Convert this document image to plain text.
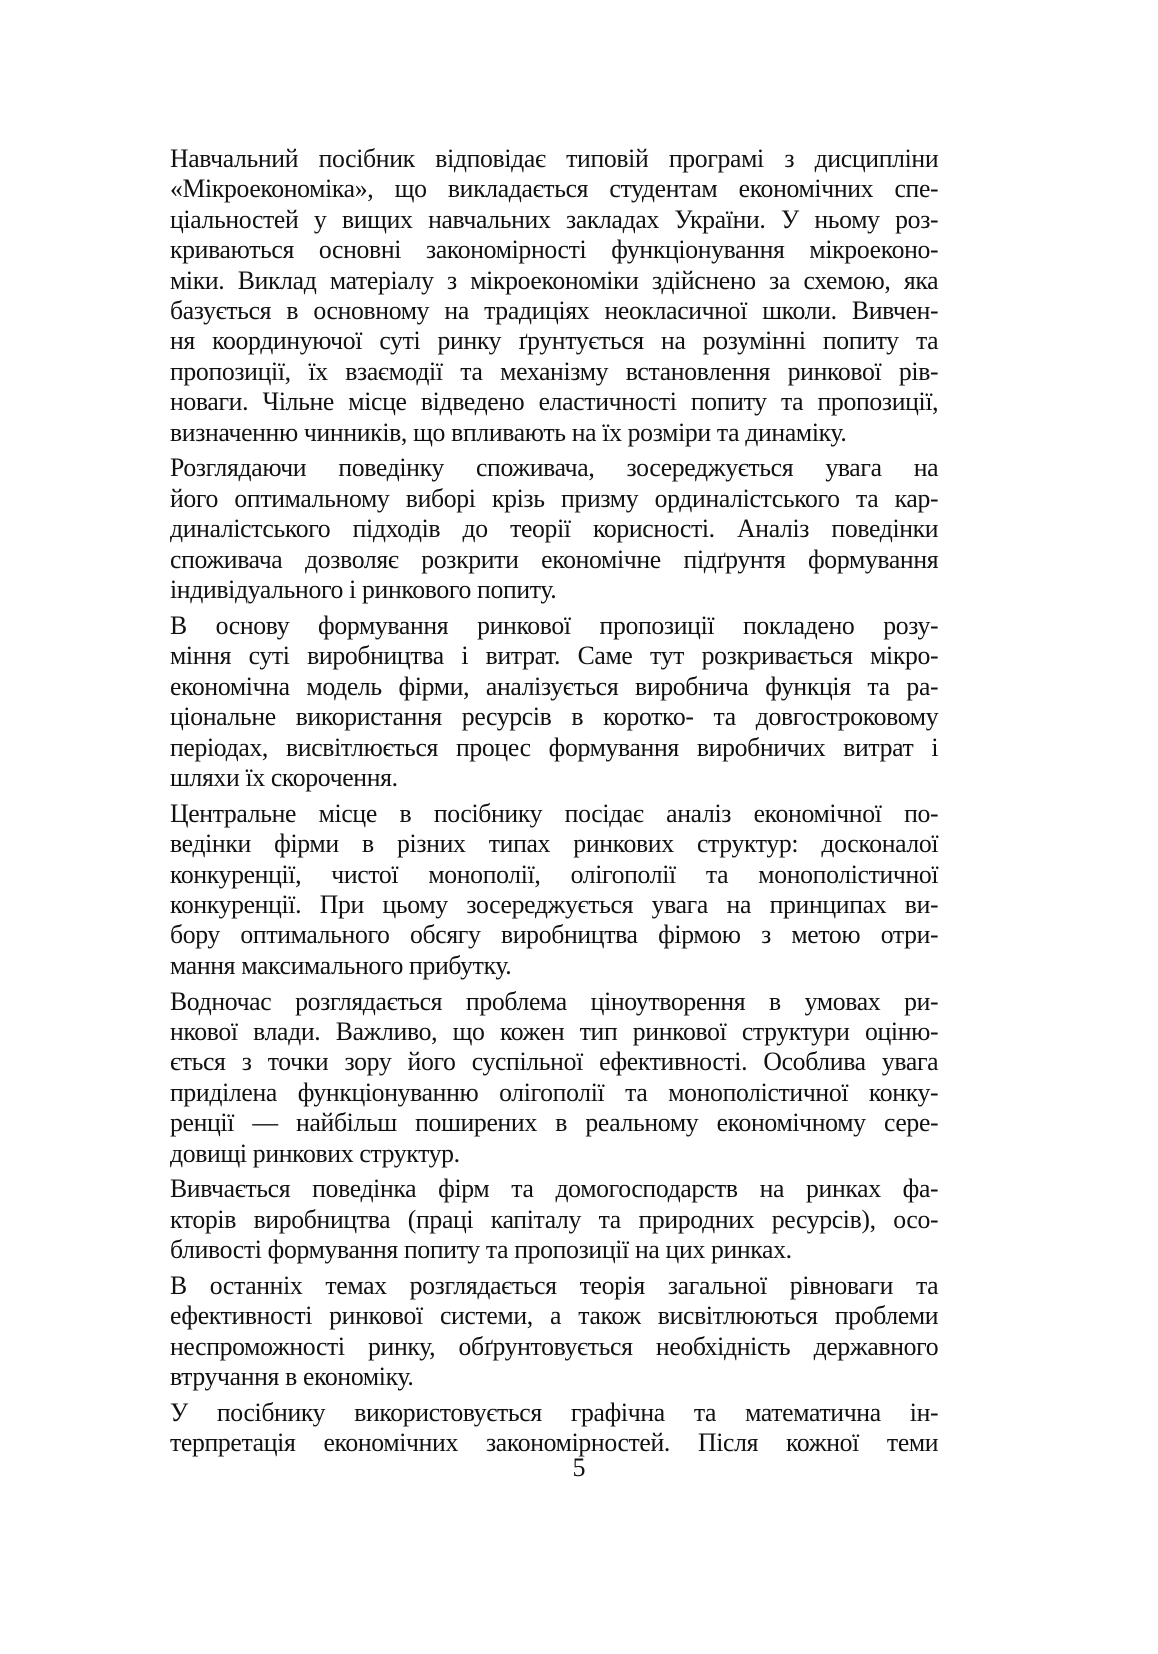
Навчальний посібник відповідає типовій програмі з дисципліни
«Мікроекономіка», що викладається студентам економічних спе-
ціальностей у вищих навчальних закладах України. У ньому роз-
криваються основні закономірності функціонування мікроеконо-
міки. Виклад матеріалу з мікроекономіки здійснено за схемою, яка
базується в основному на традиціях неокласичної школи. Вивчен-
ня координуючої суті ринку ґрунтується на розумінні попиту та
пропозиції, їх взаємодії та механізму встановлення ринкової рів-
новаги. Чільне місце відведено еластичності попиту та пропозиції,
визначенню чинників, що впливають на їх розміри та динаміку.
Розглядаючи поведінку споживача, зосереджується увага на
його оптимальному виборі крізь призму ординалістського та кар-
диналістського підходів до теорії корисності. Аналіз поведінки
споживача дозволяє розкрити економічне підґрунтя формування
індивідуального і ринкового попиту.
В основу формування ринкової пропозиції покладено розу-
міння суті виробництва і витрат. Саме тут розкривається мікро-
економічна модель фірми, аналізується виробнича функція та ра-
ціональне використання ресурсів в коротко- та довгостроковому
періодах, висвітлюється процес формування виробничих витрат і
шляхи їх скорочення.
Центральне місце в посібнику посідає аналіз економічної по-
ведінки фірми в різних типах ринкових структур: досконалої
конкуренції, чистої монополії, олігополії та монополістичної
конкуренції. При цьому зосереджується увага на принципах ви-
бору оптимального обсягу виробництва фірмою з метою отри-
мання максимального прибутку.
Водночас розглядається проблема ціноутворення в умовах ри-
нкової влади. Важливо, що кожен тип ринкової структури оціню-
ється з точки зору його суспільної ефективності. Особлива увага
приділена функціонуванню олігополії та монополістичної конку-
ренції — найбільш поширених в реальному економічному сере-
довищі ринкових структур.
Вивчається поведінка фірм та домогосподарств на ринках фа-
кторів виробництва (праці капіталу та природних ресурсів), осо-
бливості формування попиту та пропозиції на цих ринках.
В останніх темах розглядається теорія загальної рівноваги та
ефективності ринкової системи, а також висвітлюються проблеми
неспроможності ринку, обґрунтовується необхідність державного
втручання в економіку.
У посібнику використовується графічна та математична ін-
терпретація економічних закономірностей. Після кожної теми
5
